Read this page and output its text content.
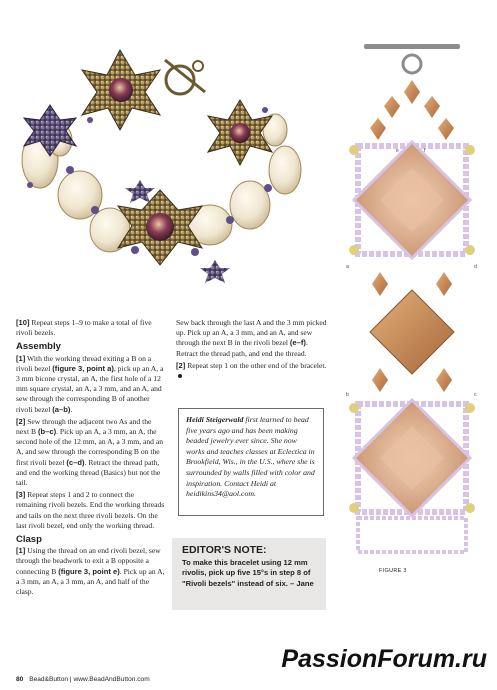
a
b	c
d
e	f
FIGURE 3

[10] Repeat steps 1–9 to make a total of five rivoli bezels.

Assembly

[1] With the working thread exiting a B on a rivoli bezel (figure 3, point a), pick up an A, a 3 mm bicone crystal, an A, the first hole of a 12 mm square crystal, an A, a 3 mm, and an A, and sew through the corresponding B of another rivoli bezel (a–b).

[2] Sew through the adjacent two As and the next B (b–c). Pick up an A, a 3 mm, an A, the second hole of the 12 mm, an A, a 3 mm, and an A, and sew through the corresponding B on the first rivoli bezel (c–d). Retract the thread path, and end the working thread (Basics) but not the tail.

[3] Repeat steps 1 and 2 to connect the remaining rivoli bezels. End the working threads and tails on the next three rivoli bezels. On the last rivoli bezel, end only the working thread.

Clasp

[1] Using the thread on an end rivoli bezel, sew through the beadwork to exit a B opposite a connecting B (figure 3, point e). Pick up an A, a 3 mm, an A, a 3 mm, an A, and half of the clasp.

Sew back through the last A and the 3 mm picked up. Pick up an A, a 3 mm, and an A, and sew through the next B in the rivoli bezel (e–f). Retract the thread path, and end the thread.

[2] Repeat step 1 on the other end of the bracelet.

Heidi Steigerwald first learned to bead five years ago and has been making beaded jewelry ever since. She now works and teaches classes at Eclectica in Brookfield, Wis., in the U.S., where she is surrounded by walls filled with color and inspiration. Contact Heidi at heidikins34@aol.com.
EDITOR'S NOTE:
To make this bracelet using 12 mm rivolis, pick up five 15°s in step 8 of "Rivoli bezels" instead of six. – Jane
80 Bead&Button | www.BeadAndButton.com
PassionForum.ru
